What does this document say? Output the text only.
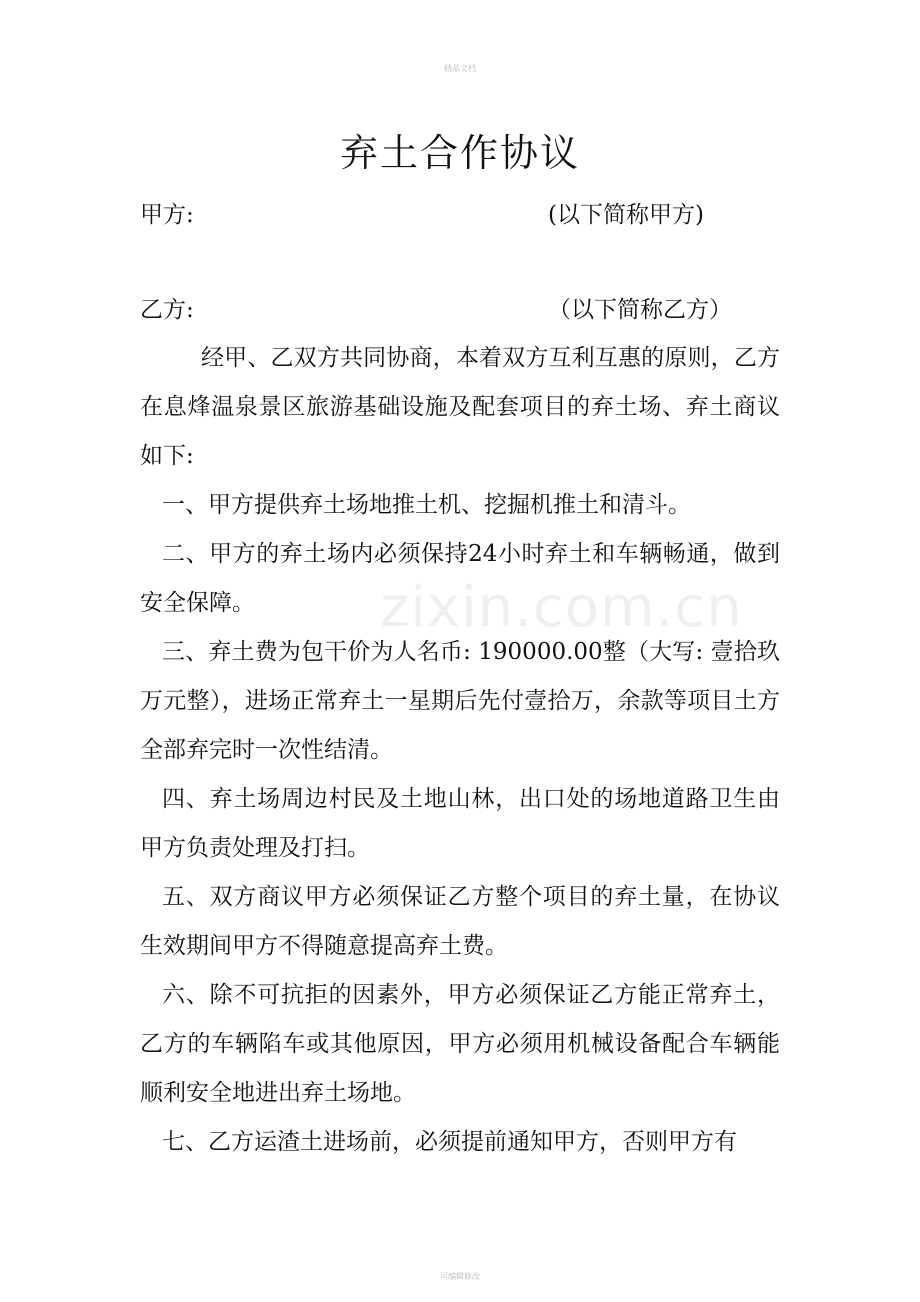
精品文档
弃土合作协议
甲方:	(以下简称甲方)
乙方:	（以下简称乙方）
zixin.com.cn

经甲、乙双方共同协商，本着双方互利互惠的原则，乙方在息烽温泉景区旅游基础设施及配套项目的弃土场、弃土商议如下:

一、甲方提供弃土场地推土机、挖掘机推土和清斗。

二、甲方的弃土场内必须保持24小时弃土和车辆畅通，做到安全保障。

三、弃土费为包干价为人名币: 190000.00整（大写: 壹拾玖万元整），进场正常弃土一星期后先付壹拾万，余款等项目土方全部弃完时一次性结清。

四、弃土场周边村民及土地山林，出口处的场地道路卫生由甲方负责处理及打扫。

五、双方商议甲方必须保证乙方整个项目的弃土量，在协议生效期间甲方不得随意提高弃土费。

六、除不可抗拒的因素外，甲方必须保证乙方能正常弃土，乙方的车辆陷车或其他原因，甲方必须用机械设备配合车辆能顺利安全地进出弃土场地。

七、乙方运渣土进场前，必须提前通知甲方，否则甲方有

可编辑修改
